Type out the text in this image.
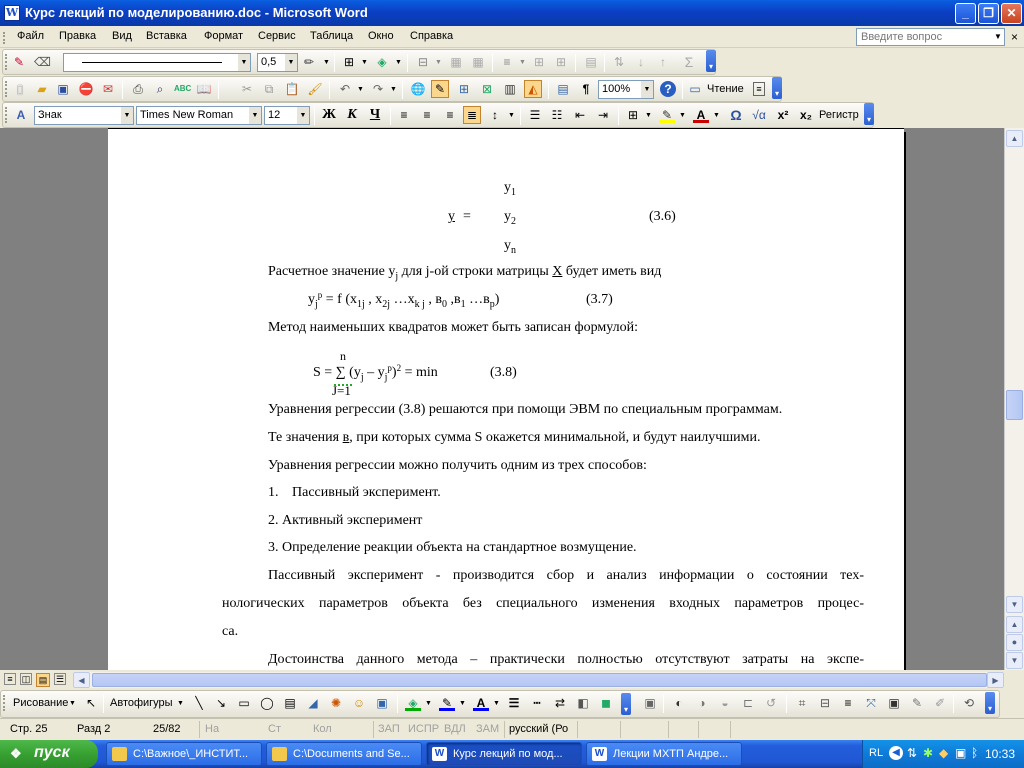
W Курс лекций по моделированию.doc - Microsoft Word	_	❐	✕
Файл Правка Вид Вставка Формат Сервис Таблица Окно Справка	Введите вопрос	▼ ×
✎ ⌫	▼	0,5	▼ ✏	▼ ⊞ ▼ ◈	▼ ⊟ ▼ ▦ ▦	≡	▼ ⊞ ⊞ ▤ ⇅	↓	↑	Σ	▾
▯	▰ ▣ ⛔ ✉ ⎙	⌕	ABC 📖	✂	⧉ 📋 🖌 ↶ ▼ ↷ ▼ 🌐 ✎	⊞ ⊠ ▥	◭	▤	¶	100%	▼	?	▭ Чтение	≡	▾
A	Знак	▼ Times New Roman	▼ 12	▼ Ж К Ч	≡	≡	≡	≣	↕	▼ ☰ ☷ ⇤ ⇥ ⊞ ▼ ✎ ▼ A	▼ Ω √α x² x₂ Регистр	▾
$y_1$
$y = y_2$	(3.6)
$y_n$
Расчетное значение $y_j$ для j-ой строки матрицы X будет иметь вид
$y_j^p = f$ ($x_{1j}$ , $x_{2j}$ $\dots x_{k j}$ , $в_0$ $,в_1$ $\dots в_p$)	(3.7)
Метод наименьших квадратов может быть записан формулой:
n
S = ∑ $(y_j - y_j^p)^2 = \min$	(3.8)
J=1
Уравнения регрессии (3.8) решаются при помощи ЭВМ по специальным программам.
Те значения в, при которых сумма S окажется минимальной, и будут наилучшими.
Уравнения регрессии можно получить одним из трех способов:
1. Пассивный эксперимент.
2. Активный эксперимент
3. Определение реакции объекта на стандартное возмущение.
Пассивный эксперимент - производится сбор и анализ информации о состоянии тех-
нологических параметров объекта без специального изменения входных параметров процес-
са.
Достоинства данного метода – практически полностью отсутствуют затраты на экспе-
▲
▼
▲
●
▼
≡	◫ ▤ ☰	◀	▶
Рисование ▼ ↖ Автофигуры ▼ ╲	↘ ▭ ◯ ▤ ◢ ✺ ☺ ▣ ◈	▼ ✎ ▼ A	▼ ☰	┅	⇄ ◧ ◼	▾ ▣	◐	◑	◒	⊏ ↺	⌗	⊟	≡	⤧ ▣ ✎ ✐ ⟲	▾
Стр. 25	Разд 2	25/82 На	Ст	Кол	ЗАП ИСПР ВДЛ ЗАМ русский (Ро
❖ пуск	C:\Важное\_ИНСТИТ...	C:\Documents and Se...	W Курс лекций по мод...	W Лекции МХТП Андре...	RL ◀ ⇅ ✱ ◆ ▣ ᛒ 10:33
